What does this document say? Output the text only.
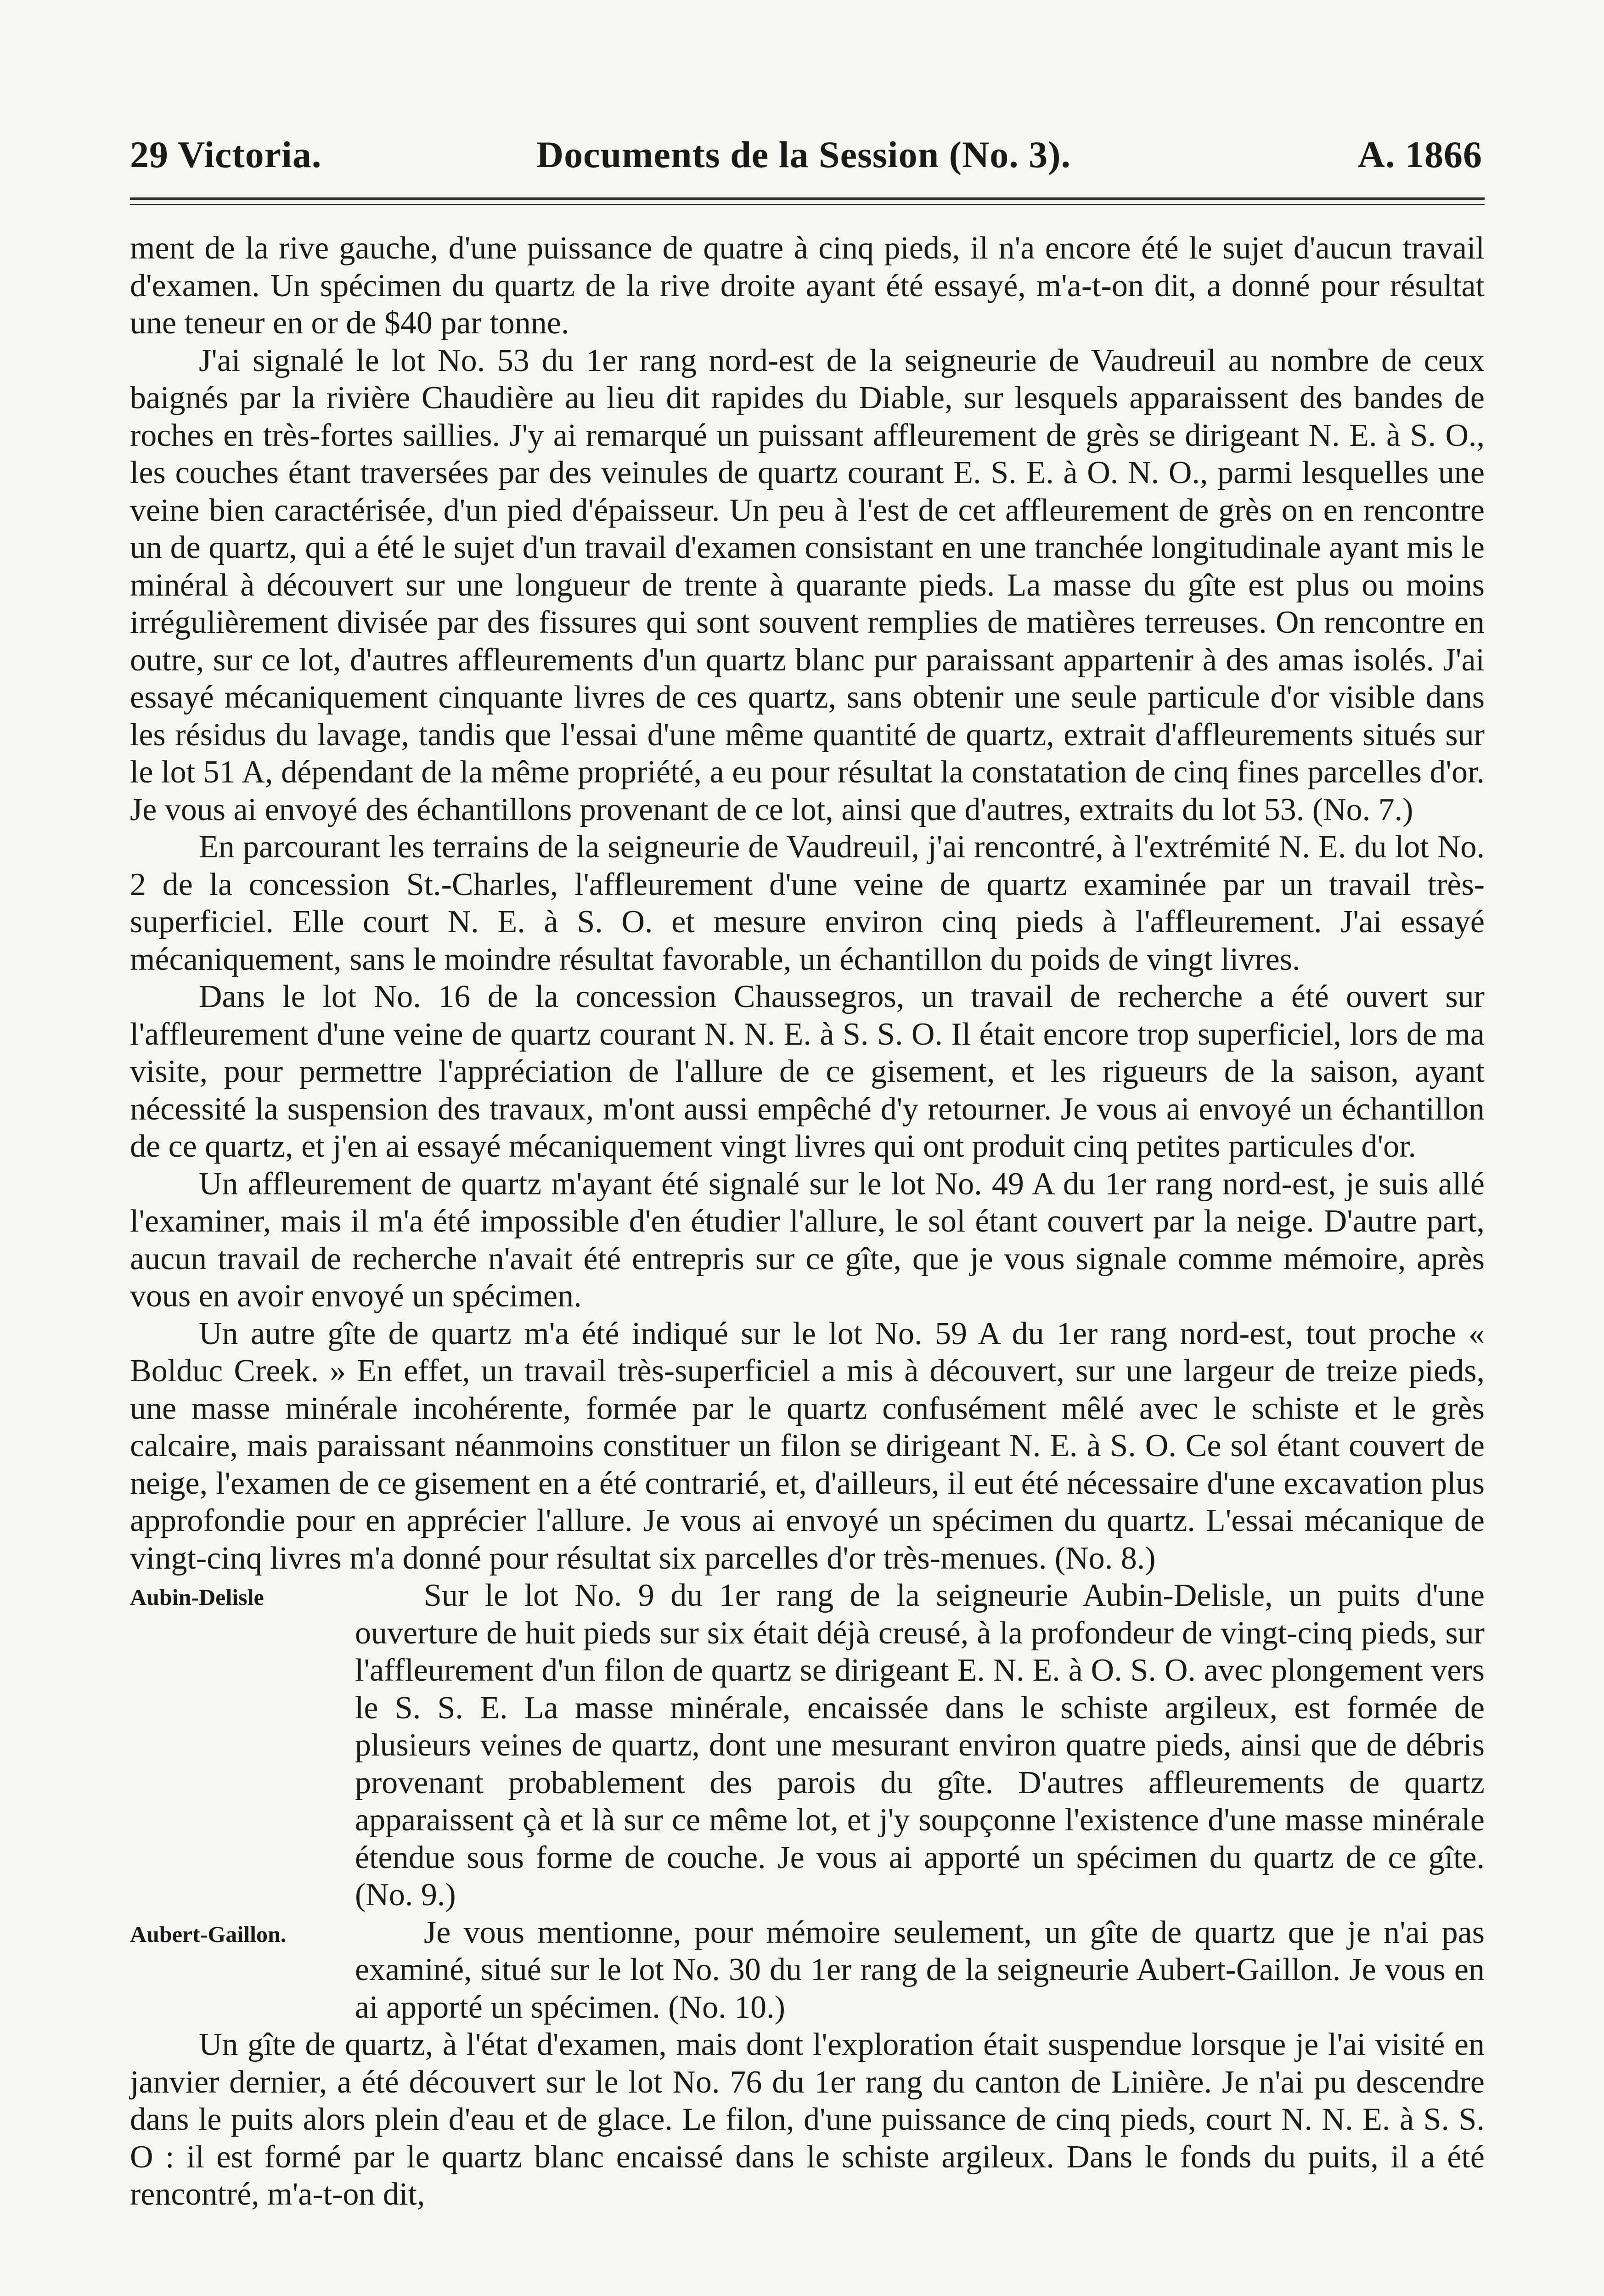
29 Victoria.	Documents de la Session (No. 3).	A. 1866

ment de la rive gauche, d'une puissance de quatre à cinq pieds, il n'a encore été le sujet d'aucun travail d'examen. Un spécimen du quartz de la rive droite ayant été essayé, m'a-t-on dit, a donné pour résultat une teneur en or de $40 par tonne.

J'ai signalé le lot No. 53 du 1er rang nord-est de la seigneurie de Vaudreuil au nombre de ceux baignés par la rivière Chaudière au lieu dit rapides du Diable, sur lesquels apparaissent des bandes de roches en très-fortes saillies. J'y ai remarqué un puissant affleurement de grès se dirigeant N. E. à S. O., les couches étant traversées par des veinules de quartz courant E. S. E. à O. N. O., parmi lesquelles une veine bien caractérisée, d'un pied d'épaisseur. Un peu à l'est de cet affleurement de grès on en rencontre un de quartz, qui a été le sujet d'un travail d'examen consistant en une tranchée longitudinale ayant mis le minéral à découvert sur une longueur de trente à quarante pieds. La masse du gîte est plus ou moins irrégulièrement divisée par des fissures qui sont souvent remplies de matières terreuses. On rencontre en outre, sur ce lot, d'autres affleurements d'un quartz blanc pur paraissant appartenir à des amas isolés. J'ai essayé mécaniquement cinquante livres de ces quartz, sans obtenir une seule particule d'or visible dans les résidus du lavage, tandis que l'essai d'une même quantité de quartz, extrait d'affleurements situés sur le lot 51 A, dépendant de la même propriété, a eu pour résultat la constatation de cinq fines parcelles d'or. Je vous ai envoyé des échantillons provenant de ce lot, ainsi que d'autres, extraits du lot 53. (No. 7.)

En parcourant les terrains de la seigneurie de Vaudreuil, j'ai rencontré, à l'extrémité N. E. du lot No. 2 de la concession St.-Charles, l'affleurement d'une veine de quartz examinée par un travail très-superficiel. Elle court N. E. à S. O. et mesure environ cinq pieds à l'affleurement. J'ai essayé mécaniquement, sans le moindre résultat favorable, un échantillon du poids de vingt livres.

Dans le lot No. 16 de la concession Chaussegros, un travail de recherche a été ouvert sur l'affleurement d'une veine de quartz courant N. N. E. à S. S. O. Il était encore trop superficiel, lors de ma visite, pour permettre l'appréciation de l'allure de ce gisement, et les rigueurs de la saison, ayant nécessité la suspension des travaux, m'ont aussi empêché d'y retourner. Je vous ai envoyé un échantillon de ce quartz, et j'en ai essayé mécaniquement vingt livres qui ont produit cinq petites particules d'or.

Un affleurement de quartz m'ayant été signalé sur le lot No. 49 A du 1er rang nord-est, je suis allé l'examiner, mais il m'a été impossible d'en étudier l'allure, le sol étant couvert par la neige. D'autre part, aucun travail de recherche n'avait été entrepris sur ce gîte, que je vous signale comme mémoire, après vous en avoir envoyé un spécimen.

Un autre gîte de quartz m'a été indiqué sur le lot No. 59 A du 1er rang nord-est, tout proche « Bolduc Creek. » En effet, un travail très-superficiel a mis à découvert, sur une largeur de treize pieds, une masse minérale incohérente, formée par le quartz confusément mêlé avec le schiste et le grès calcaire, mais paraissant néanmoins constituer un filon se dirigeant N. E. à S. O. Ce sol étant couvert de neige, l'examen de ce gisement en a été contrarié, et, d'ailleurs, il eut été nécessaire d'une excavation plus approfondie pour en apprécier l'allure. Je vous ai envoyé un spécimen du quartz. L'essai mécanique de vingt-cinq livres m'a donné pour résultat six parcelles d'or très-menues. (No. 8.)

Aubin-Delisle	Sur le lot No. 9 du 1er rang de la seigneurie Aubin-Delisle, un puits d'une ouverture de huit pieds sur six était déjà creusé, à la profondeur de vingt-cinq pieds, sur l'affleurement d'un filon de quartz se dirigeant E. N. E. à O. S. O. avec plongement vers le S. S. E. La masse minérale, encaissée dans le schiste argileux, est formée de plusieurs veines de quartz, dont une mesurant environ quatre pieds, ainsi que de débris provenant probablement des parois du gîte. D'autres affleurements de quartz apparaissent çà et là sur ce même lot, et j'y soupçonne l'existence d'une masse minérale étendue sous forme de couche. Je vous ai apporté un spécimen du quartz de ce gîte. (No. 9.)
Aubert-Gaillon.	Je vous mentionne, pour mémoire seulement, un gîte de quartz que je n'ai pas examiné, situé sur le lot No. 30 du 1er rang de la seigneurie Aubert-Gaillon. Je vous en ai apporté un spécimen. (No. 10.)

Un gîte de quartz, à l'état d'examen, mais dont l'exploration était suspendue lorsque je l'ai visité en janvier dernier, a été découvert sur le lot No. 76 du 1er rang du canton de Linière. Je n'ai pu descendre dans le puits alors plein d'eau et de glace. Le filon, d'une puissance de cinq pieds, court N. N. E. à S. S. O : il est formé par le quartz blanc encaissé dans le schiste argileux. Dans le fonds du puits, il a été rencontré, m'a-t-on dit,
